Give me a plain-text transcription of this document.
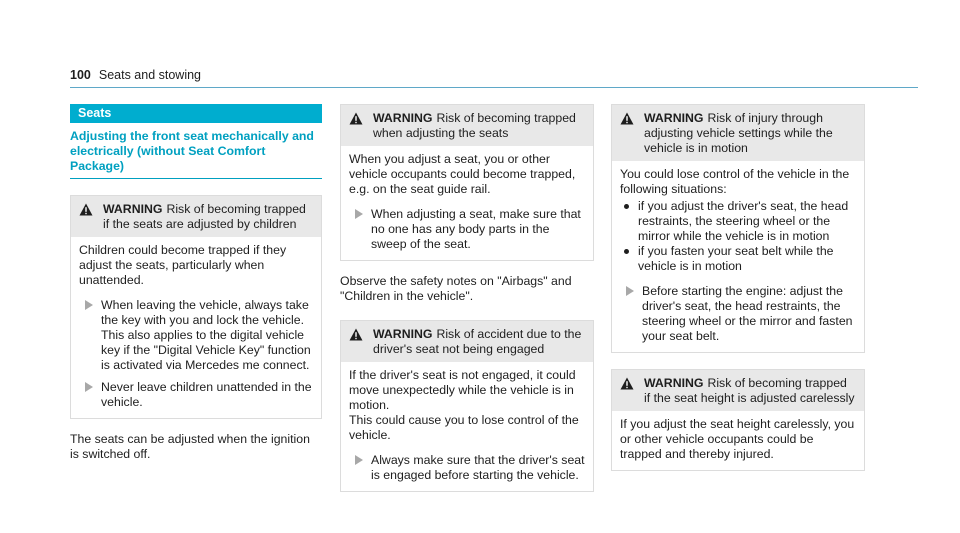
100 Seats and stowing
Seats
Adjusting the front seat mechanically and electrically (without Seat Comfort Package)
WARNING Risk of becoming trapped if the seats are adjusted by children

Children could become trapped if they adjust the seats, particularly when unattended.

When leaving the vehicle, always take the key with you and lock the vehicle. This also applies to the digital vehicle key if the "Digital Vehicle Key" function is activated via Mercedes me connect.
Never leave children unattended in the vehicle.

The seats can be adjusted when the ignition is switched off.

WARNING Risk of becoming trapped when adjusting the seats

When you adjust a seat, you or other vehicle occupants could become trapped, e.g. on the seat guide rail.

When adjusting a seat, make sure that no one has any body parts in the sweep of the seat.

Observe the safety notes on "Airbags" and "Children in the vehicle".

WARNING Risk of accident due to the driver's seat not being engaged

If the driver's seat is not engaged, it could move unexpectedly while the vehicle is in motion.

This could cause you to lose control of the vehicle.

Always make sure that the driver's seat is engaged before starting the vehicle.
WARNING Risk of injury through adjusting vehicle settings while the vehicle is in motion

You could lose control of the vehicle in the following situations:

if you adjust the driver's seat, the head restraints, the steering wheel or the mirror while the vehicle is in motion
if you fasten your seat belt while the vehicle is in motion
Before starting the engine: adjust the driver's seat, the head restraints, the steering wheel or the mirror and fasten your seat belt.
WARNING Risk of becoming trapped if the seat height is adjusted carelessly

If you adjust the seat height carelessly, you or other vehicle occupants could be trapped and thereby injured.
